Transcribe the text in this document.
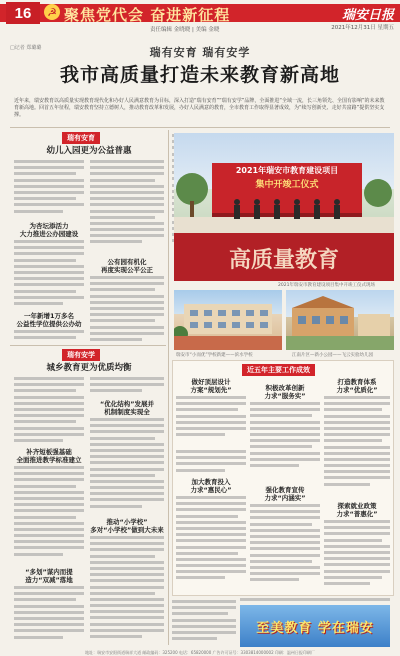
16	☭ 聚焦党代会 奋进新征程	瑞安日报
责任编辑 金晓晓 | 美编 金晓	2021年12月31日 星期五
□记者 郑璐璐	瑞有安育 瑞有安学
我市高质量打造未来教育新高地
近年来，瑞安教育以高质量实现教育现代化和办好人民满意教育为目标，深入打造“瑞有安育”“瑞有安学”品牌，全面推进“全域一流，长三角领先、全国有影响”的未来教育新高地。回首五年征程，瑞安教育坚持立德树人，推动教育改革和发展，办好人民满意的教育，全市教育工作取得显著成效，为“续写创新史、走好共富路”提供坚实支撑。
瑞有安育
幼儿入园更为公益普惠
为杏坛添活力
大力推进公办园建设
一年新增1万多名
公益性学位提供公办幼
公有园有机化
再度实现公平公正
瑞有安学
城乡教育更为优质均衡
补齐短板强基础
全面推进教学标准建立
“多划”谋内而提
造力“双减”落地
“优化结构”发展并
机制制度实现全
推动“小学校”
多对“小学校”做到大未来
高质量教育
2021年瑞安市教育建设项目
集中开竣工仪式
2021年瑞安市教育建设项目集中开竣工仪式现场
瑞安市“小而优”学校新建——滨水学校	江南片区—新小公园——飞云实验幼儿园
近五年主要工作成效
做好顶层设计
方案“规划先”
加大教育投入
力求“惠民心”
积极改革创新
力求“服务实”
强化教育宣传
力求“内涵实”
打造教育体系
力求“优质化”
探索就业政策
力求“普惠化”
至美教育 学在瑞安
地址：瑞安市安阳街道瑞祥大道 邮政编码：325200 电话：65820000 广告许可证号：3303814000002 印刷：温州日报印刷厂
